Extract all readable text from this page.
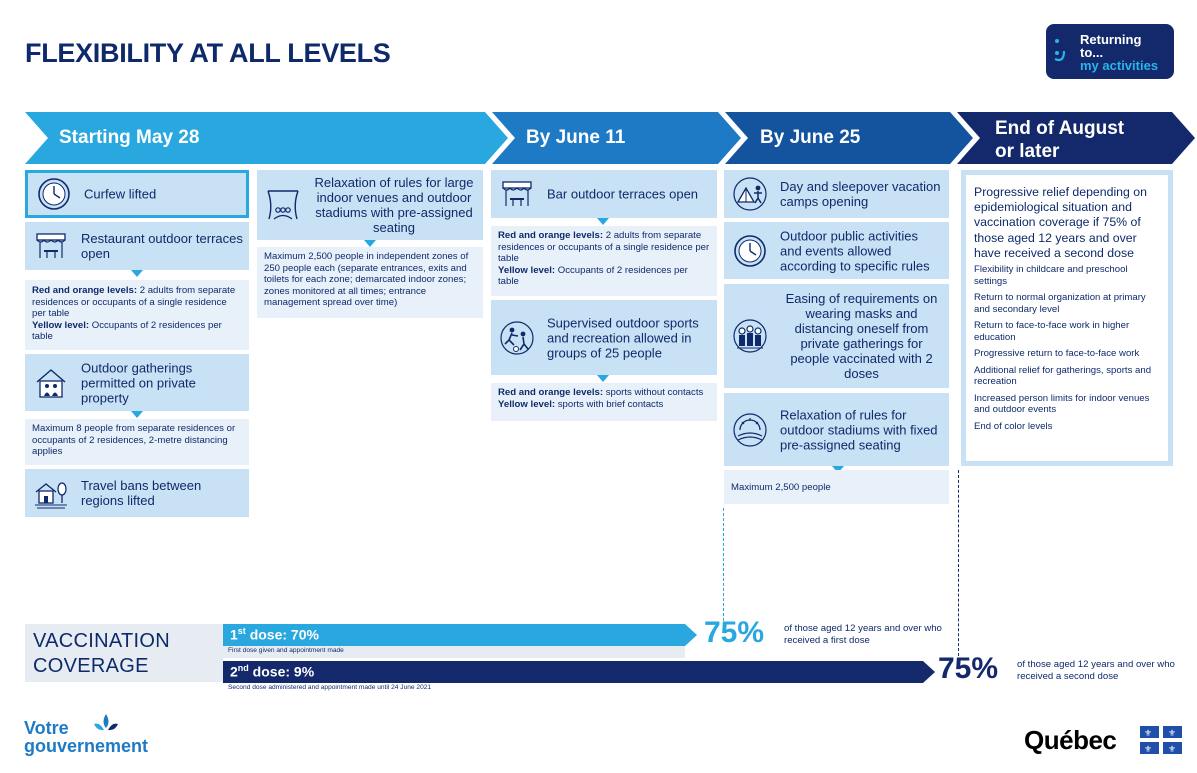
FLEXIBILITY AT ALL LEVELS	Returning
to...
my activities
Starting May 28	By June 11	By June 25	End of August
or later
Curfew lifted
Restaurant outdoor terraces open
Red and orange levels: 2 adults from separate residences or occupants of a single residence per table
Yellow level: Occupants of 2 residences per table
Outdoor gatherings permitted on private property
Maximum 8 people from separate residences or occupants of 2 residences, 2-metre distancing applies
Travel bans between regions lifted
Relaxation of rules for large indoor venues and outdoor stadiums with pre-assigned seating
Maximum 2,500 people in independent zones of 250 people each (separate entrances, exits and toilets for each zone; demarcated indoor zones; zones monitored at all times; entrance management spread over time)
Bar outdoor terraces open
Red and orange levels: 2 adults from separate residences or occupants of a single residence per table
Yellow level: Occupants of 2 residences per table
Supervised outdoor sports and recreation allowed in groups of 25 people
Red and orange levels: sports without contacts
Yellow level: sports with brief contacts
Day and sleepover vacation camps opening
Outdoor public activities and events allowed according to specific rules
Easing of requirements on wearing masks and distancing oneself from private gatherings for people vaccinated with 2 doses
Relaxation of rules for outdoor stadiums with fixed pre-assigned seating
Maximum 2,500 people
Progressive relief depending on epidemiological situation and vaccination coverage if 75% of those aged 12 years and over have received a second dose
Flexibility in childcare and preschool settings
Return to normal organization at primary and secondary level
Return to face-to-face work in higher education
Progressive return to face-to-face work
Additional relief for gatherings, sports and recreation
Increased person limits for indoor venues and outdoor events
End of color levels
VACCINATION
COVERAGE
1st dose: 70%
First dose given and appointment made
75% of those aged 12 years and over who received a first dose
2nd dose: 9%
Second dose administered and appointment made until 24 June 2021
75% of those aged 12 years and over who received a second dose
Votre
gouvernement	Québec	⚜ ⚜
⚜ ⚜
